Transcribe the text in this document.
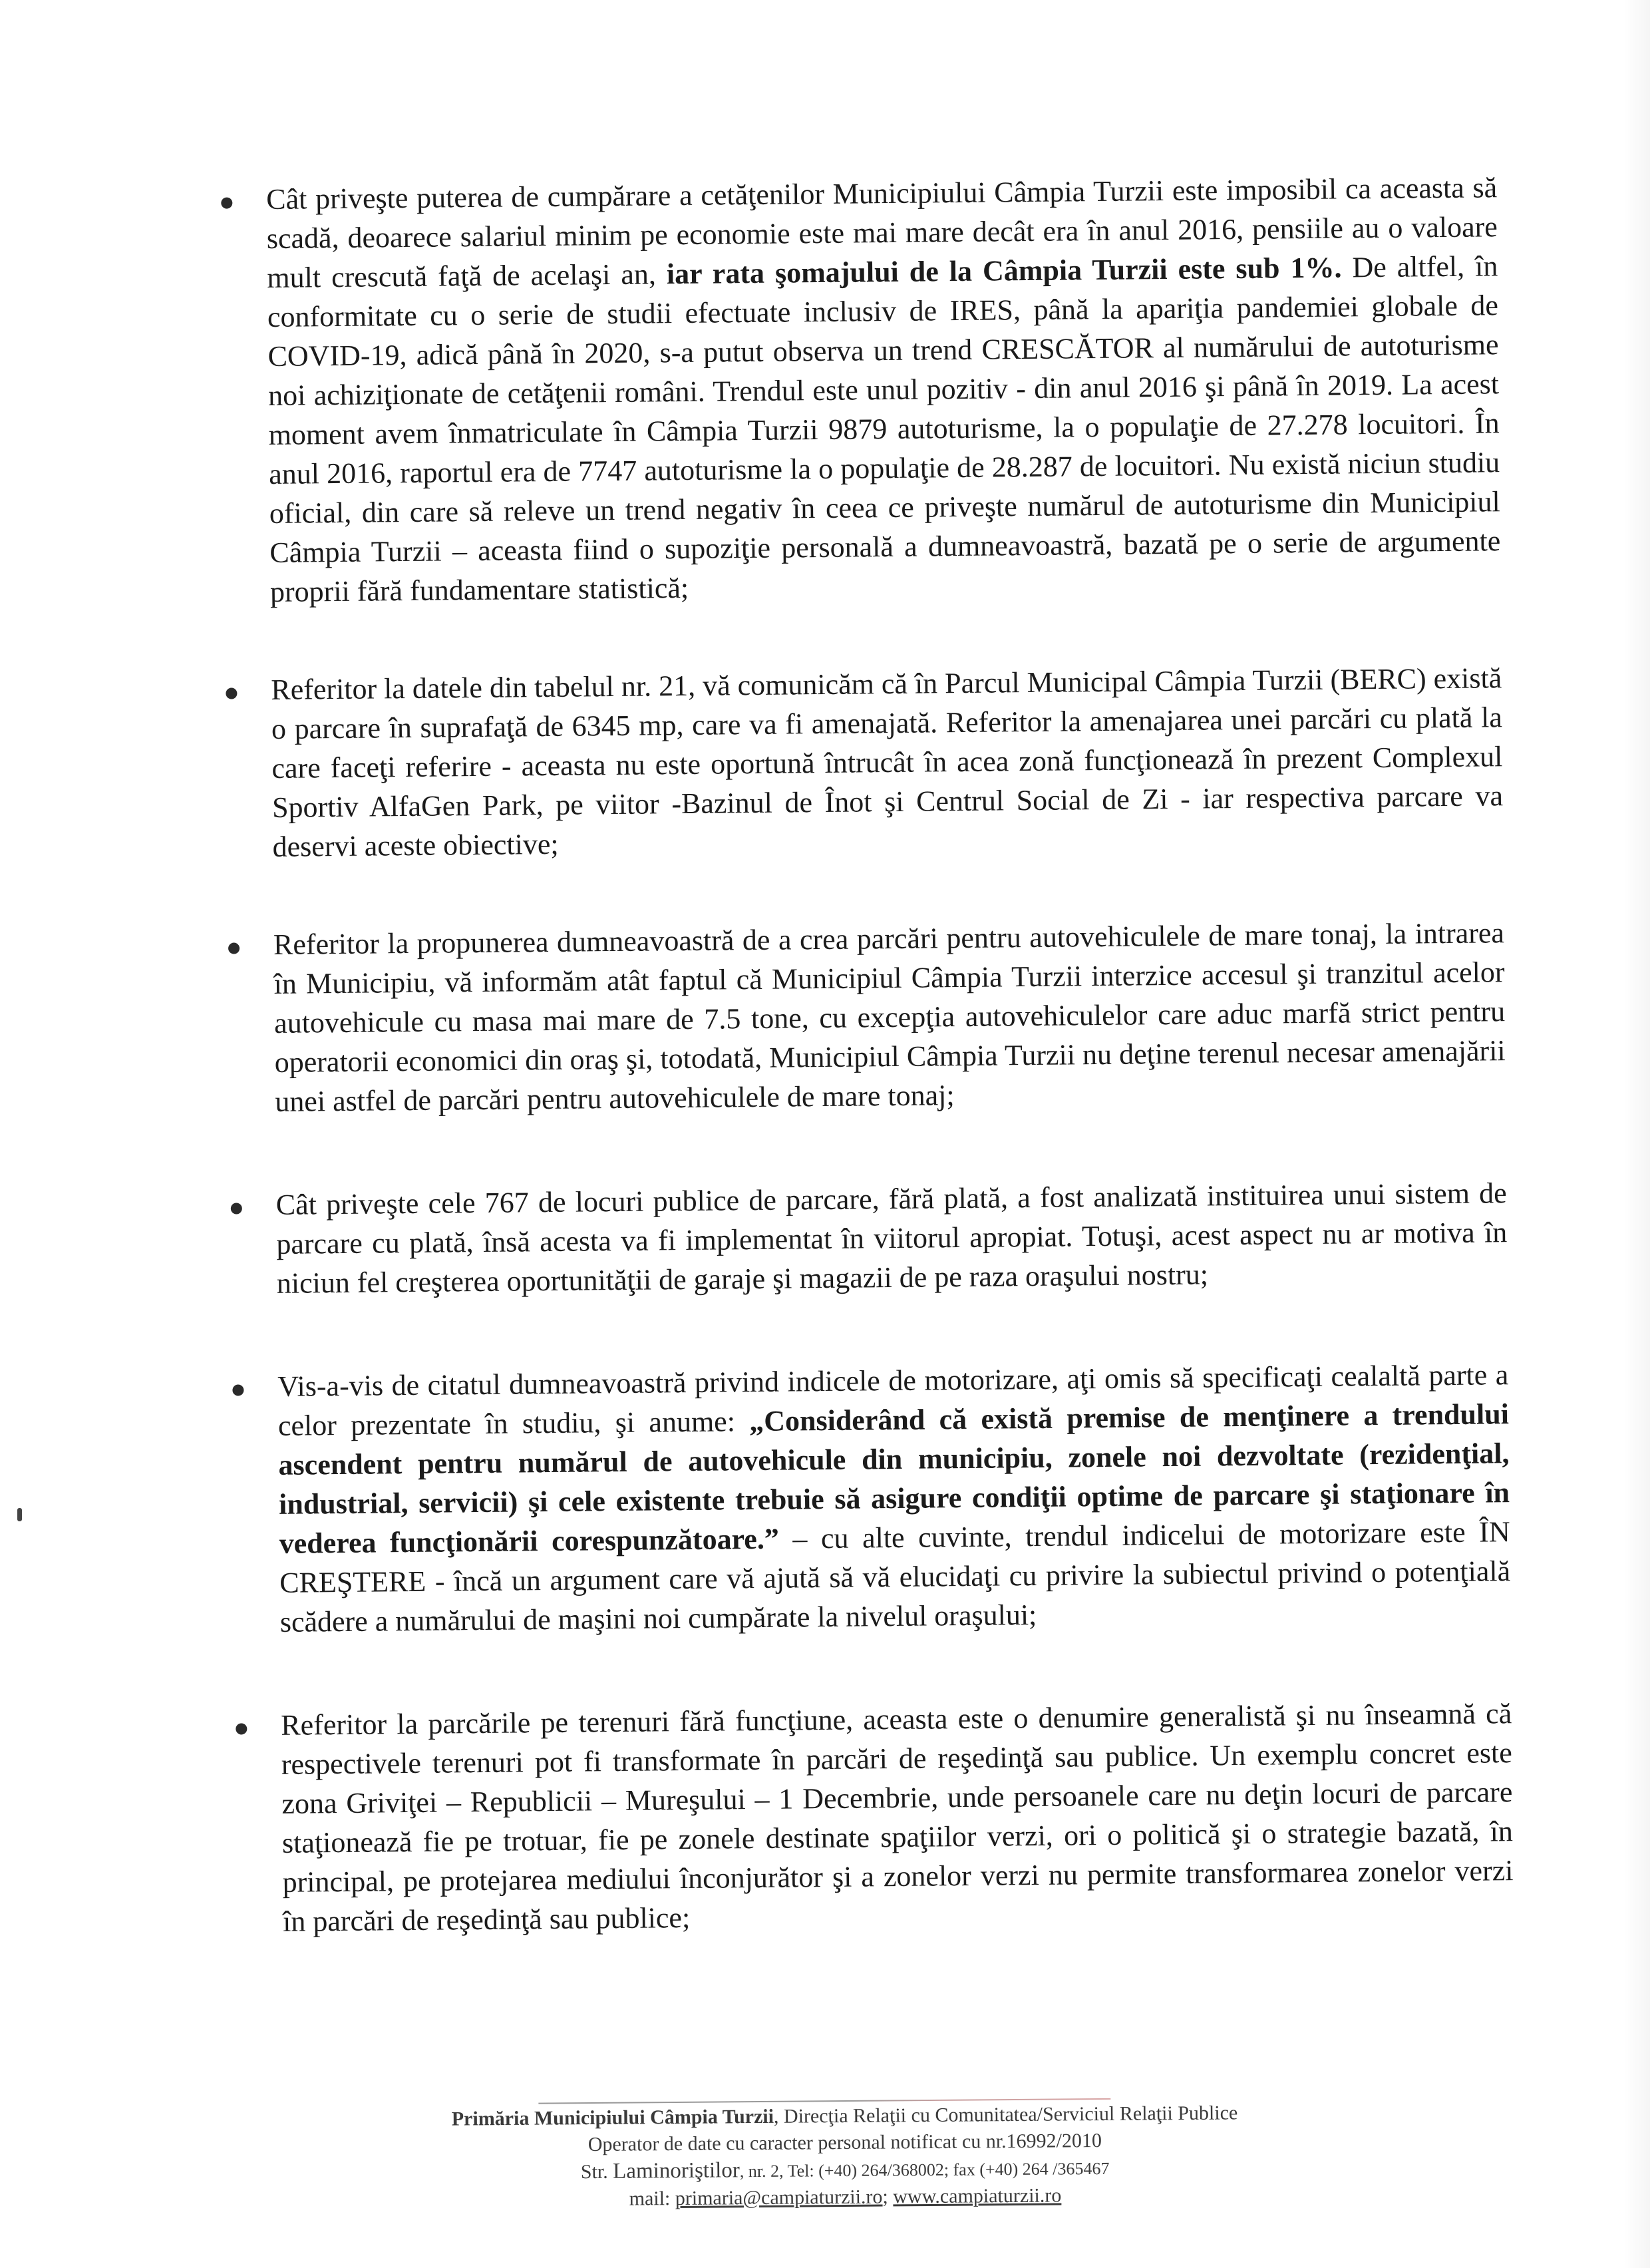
Cât priveşte puterea de cumpărare a cetăţenilor Municipiului Câmpia Turzii este imposibil ca aceasta să scadă, deoarece salariul minim pe economie este mai mare decât era în anul 2016, pensiile au o valoare mult crescută faţă de acelaşi an, iar rata şomajului de la Câmpia Turzii este sub 1%. De altfel, în conformitate cu o serie de studii efectuate inclusiv de IRES, până la apariţia pandemiei globale de COVID-19, adică până în 2020, s-a putut observa un trend CRESCĂTOR al numărului de autoturisme noi achiziţionate de cetăţenii români. Trendul este unul pozitiv - din anul 2016 şi până în 2019. La acest moment avem înmatriculate în Câmpia Turzii 9879 autoturisme, la o populaţie de 27.278 locuitori. În anul 2016, raportul era de 7747 autoturisme la o populaţie de 28.287 de locuitori. Nu există niciun studiu oficial, din care să releve un trend negativ în ceea ce priveşte numărul de autoturisme din Municipiul Câmpia Turzii – aceasta fiind o supoziţie personală a dumneavoastră, bazată pe o serie de argumente proprii fără fundamentare statistică;
Referitor la datele din tabelul nr. 21, vă comunicăm că în Parcul Municipal Câmpia Turzii (BERC) există o parcare în suprafaţă de 6345 mp, care va fi amenajată. Referitor la amenajarea unei parcări cu plată la care faceţi referire - aceasta nu este oportună întrucât în acea zonă funcţionează în prezent Complexul Sportiv AlfaGen Park, pe viitor -Bazinul de Înot şi Centrul Social de Zi - iar respectiva parcare va deservi aceste obiective;
Referitor la propunerea dumneavoastră de a crea parcări pentru autovehiculele de mare tonaj, la intrarea în Municipiu, vă informăm atât faptul că Municipiul Câmpia Turzii interzice accesul şi tranzitul acelor autovehicule cu masa mai mare de 7.5 tone, cu excepţia autovehiculelor care aduc marfă strict pentru operatorii economici din oraş şi, totodată, Municipiul Câmpia Turzii nu deţine terenul necesar amenajării unei astfel de parcări pentru autovehiculele de mare tonaj;
Cât priveşte cele 767 de locuri publice de parcare, fără plată, a fost analizată instituirea unui sistem de parcare cu plată, însă acesta va fi implementat în viitorul apropiat. Totuşi, acest aspect nu ar motiva în niciun fel creşterea oportunităţii de garaje şi magazii de pe raza oraşului nostru;
Vis-a-vis de citatul dumneavoastră privind indicele de motorizare, aţi omis să specificaţi cealaltă parte a celor prezentate în studiu, şi anume: „Considerând că există premise de menţinere a trendului ascendent pentru numărul de autovehicule din municipiu, zonele noi dezvoltate (rezidenţial, industrial, servicii) şi cele existente trebuie să asigure condiţii optime de parcare şi staţionare în vederea funcţionării corespunzătoare.” – cu alte cuvinte, trendul indicelui de motorizare este ÎN CREŞTERE - încă un argument care vă ajută să vă elucidaţi cu privire la subiectul privind o potenţială scădere a numărului de maşini noi cumpărate la nivelul oraşului;
Referitor la parcările pe terenuri fără funcţiune, aceasta este o denumire generalistă şi nu înseamnă că respectivele terenuri pot fi transformate în parcări de reşedinţă sau publice. Un exemplu concret este zona Griviţei – Republicii – Mureşului – 1 Decembrie, unde persoanele care nu deţin locuri de parcare staţionează fie pe trotuar, fie pe zonele destinate spaţiilor verzi, ori o politică şi o strategie bazată, în principal, pe protejarea mediului înconjurător şi a zonelor verzi nu permite transformarea zonelor verzi în parcări de reşedinţă sau publice;
Primăria Municipiului Câmpia Turzii, Direcţia Relaţii cu Comunitatea/Serviciul Relaţii Publice
Operator de date cu caracter personal notificat cu nr.16992/2010
Str. Laminoriştilor, nr. 2, Tel: (+40) 264/368002; fax (+40) 264 /365467
mail: primaria@campiaturzii.ro; www.campiaturzii.ro
